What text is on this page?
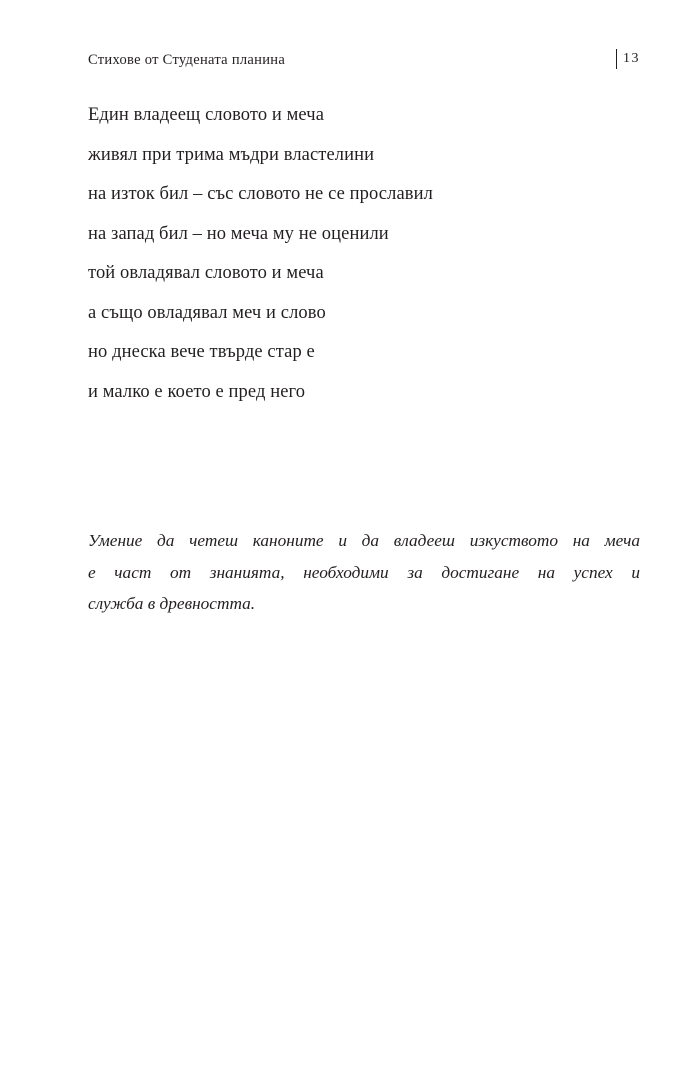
Стихове от Студената планина	13
Един владеещ словото и меча
живял при трима мъдри властелини
на изток бил – със словото не се прославил
на запад бил – но меча му не оценили
той овладявал словото и меча
а също овладявал меч и слово
но днеска вече твърде стар е
и малко е което е пред него
Умение да четеш каноните и да владееш изкуството на меча
е част от знанията, необходими за достигане на успех и
служба в древността.
